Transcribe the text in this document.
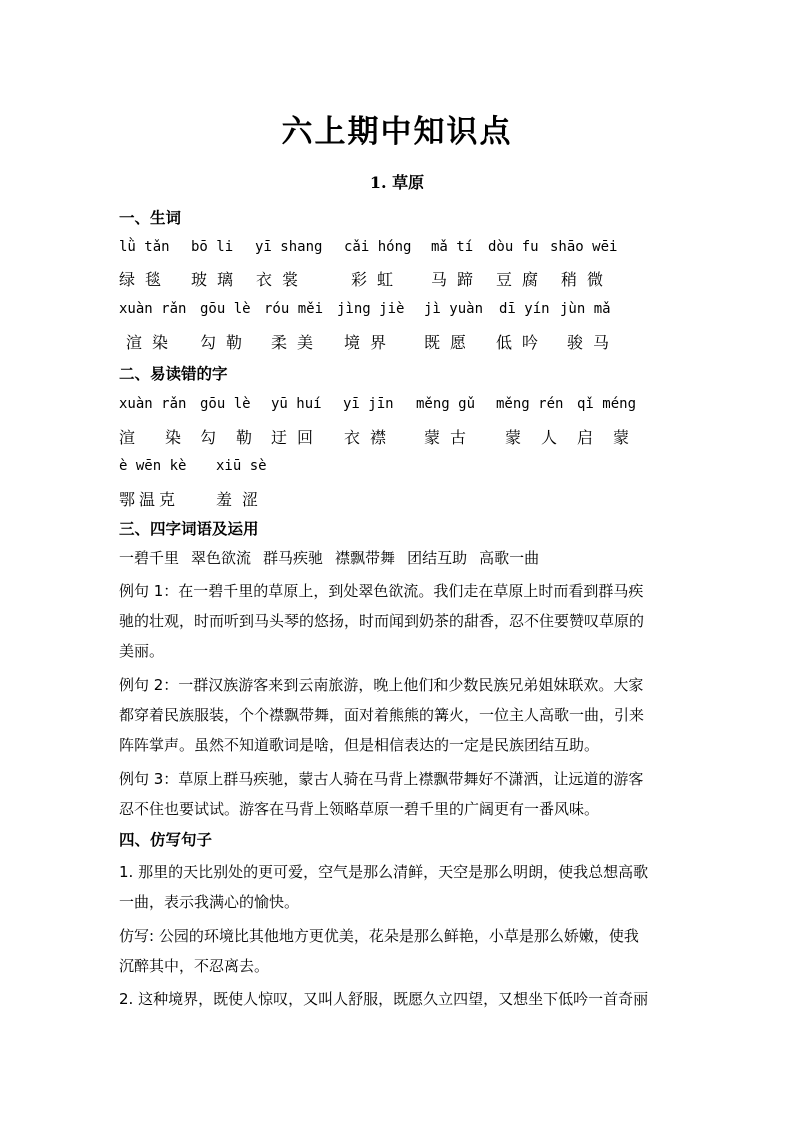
六上期中知识点
1. 草原
一、生词
lǜ tǎn bō li yī shang cǎi hóng mǎ tí dòu fu shāo wēi
绿毯 玻璃 衣裳	彩虹 马蹄 豆腐 稍微
xuàn rǎn gōu lè róu měi jìng jiè jì yuàn dī yín jùn mǎ
渲染 勾勒 柔美 境界 既愿 低吟 骏马
二、易读错的字
xuàn rǎn gōu lè yū huí yī jīn měng gǔ měng rén qǐ méng
渲染
勾勒
迂回 衣襟 蒙古 蒙人 启蒙
è wēn kè xiū sè
鄂温克 羞涩
三、四字词语及运用
一碧千里 翠色欲流 群马疾驰 襟飘带舞 团结互助 高歌一曲
例句 1：在一碧千里的草原上，到处翠色欲流。我们走在草原上时而看到群马疾
驰的壮观，时而听到马头琴的悠扬，时而闻到奶茶的甜香，忍不住要赞叹草原的
美丽。
例句 2：一群汉族游客来到云南旅游，晚上他们和少数民族兄弟姐妹联欢。大家
都穿着民族服装，个个襟飘带舞，面对着熊熊的篝火，一位主人高歌一曲，引来
阵阵掌声。虽然不知道歌词是啥，但是相信表达的一定是民族团结互助。
例句 3：草原上群马疾驰，蒙古人骑在马背上襟飘带舞好不潇洒，让远道的游客
忍不住也要试试。游客在马背上领略草原一碧千里的广阔更有一番风味。
四、仿写句子
1. 那里的天比别处的更可爱，空气是那么清鲜，天空是那么明朗，使我总想高歌
一曲，表示我满心的愉快。
仿写: 公园的环境比其他地方更优美，花朵是那么鲜艳，小草是那么娇嫩，使我
沉醉其中，不忍离去。
2. 这种境界，既使人惊叹，又叫人舒服，既愿久立四望，又想坐下低吟一首奇丽
